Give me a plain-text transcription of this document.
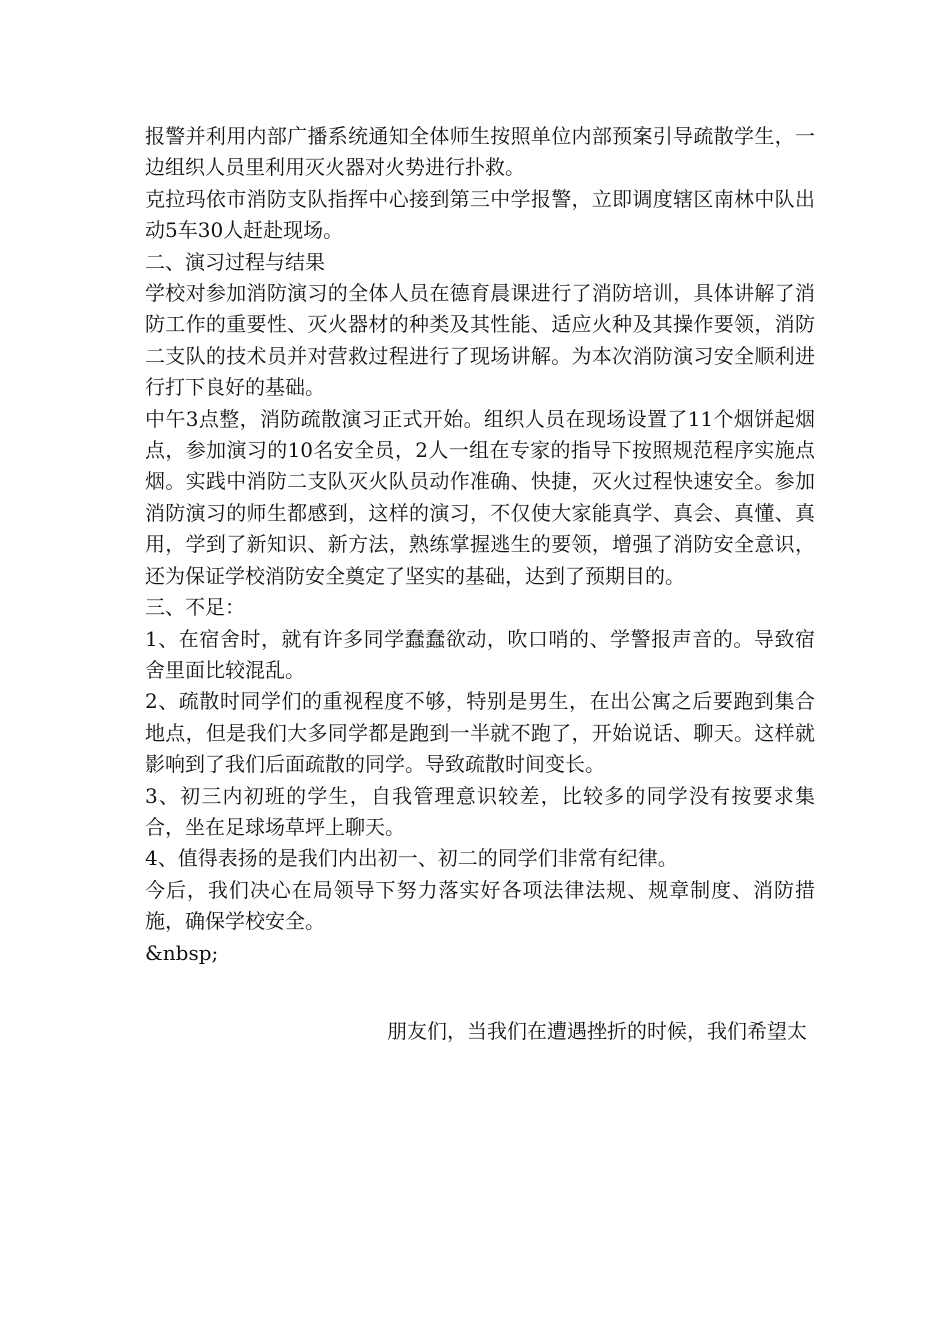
报警并利用内部广播系统通知全体师生按照单位内部预案引导疏散学生，一边组织人员里利用灭火器对火势进行扑救。

克拉玛依市消防支队指挥中心接到第三中学报警，立即调度辖区南林中队出动5车30人赶赴现场。

二、演习过程与结果

学校对参加消防演习的全体人员在德育晨课进行了消防培训，具体讲解了消防工作的重要性、灭火器材的种类及其性能、适应火种及其操作要领，消防二支队的技术员并对营救过程进行了现场讲解。为本次消防演习安全顺利进行打下良好的基础。

中午3点整，消防疏散演习正式开始。组织人员在现场设置了11个烟饼起烟点，参加演习的10名安全员，2人一组在专家的指导下按照规范程序实施点烟。实践中消防二支队灭火队员动作准确、快捷，灭火过程快速安全。参加消防演习的师生都感到，这样的演习，不仅使大家能真学、真会、真懂、真用，学到了新知识、新方法，熟练掌握逃生的要领，增强了消防安全意识，还为保证学校消防安全奠定了坚实的基础，达到了预期目的。

三、不足：

1、在宿舍时，就有许多同学蠢蠢欲动，吹口哨的、学警报声音的。导致宿舍里面比较混乱。

2、疏散时同学们的重视程度不够，特别是男生，在出公寓之后要跑到集合地点，但是我们大多同学都是跑到一半就不跑了，开始说话、聊天。这样就影响到了我们后面疏散的同学。导致疏散时间变长。

3、初三内初班的学生，自我管理意识较差，比较多的同学没有按要求集合，坐在足球场草坪上聊天。

4、值得表扬的是我们内出初一、初二的同学们非常有纪律。

今后，我们决心在局领导下努力落实好各项法律法规、规章制度、消防措施，确保学校安全。

&nbsp;

朋友们，当我们在遭遇挫折的时候，我们希望太
